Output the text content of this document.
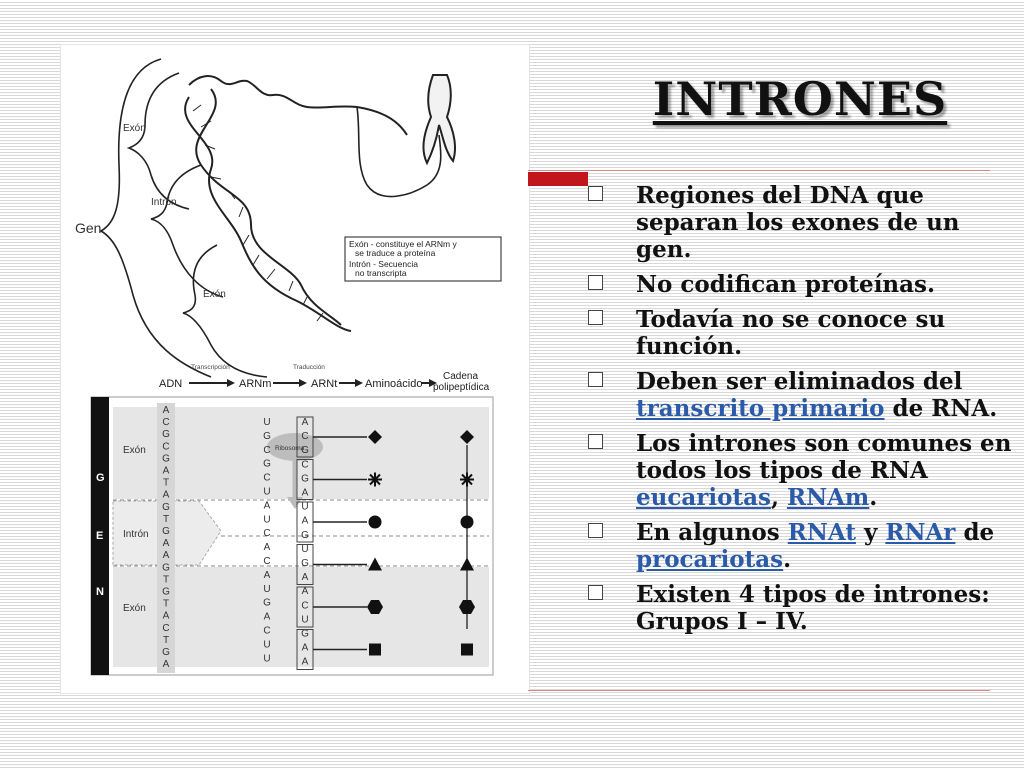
Exón - constituye el ARNm y
se traduce a proteína
Intrón - Secuencia
no transcripta
Gen
Exón
Intrón
Exón
Transcripción	Traducción
ADN	ARNm	ARNt	Aminoácido
Cadena
polipeptídica
G
E
N
Exón
Intrón
Exón
Ribosoma
A
C
G
C
G
A
T
A
G
T
G
A
A
G
T
G
T
A
C
T
G
A
U
G
C
G
C
U
A
U
C
A
C
A
U
G
A
C
U
U
A
C
G
C
G
A
U
A
G
U
G
A
A
C
U
G
A
A
INTRONES
Regiones del DNA que separan los exones de un gen.
No codifican proteínas.
Todavía no se conoce su función.
Deben ser eliminados del transcrito primario de RNA.
Los intrones son comunes en todos los tipos de RNA eucariotas, RNAm.
En algunos RNAt y RNAr de procariotas.
Existen 4 tipos de intrones: Grupos I – IV.
